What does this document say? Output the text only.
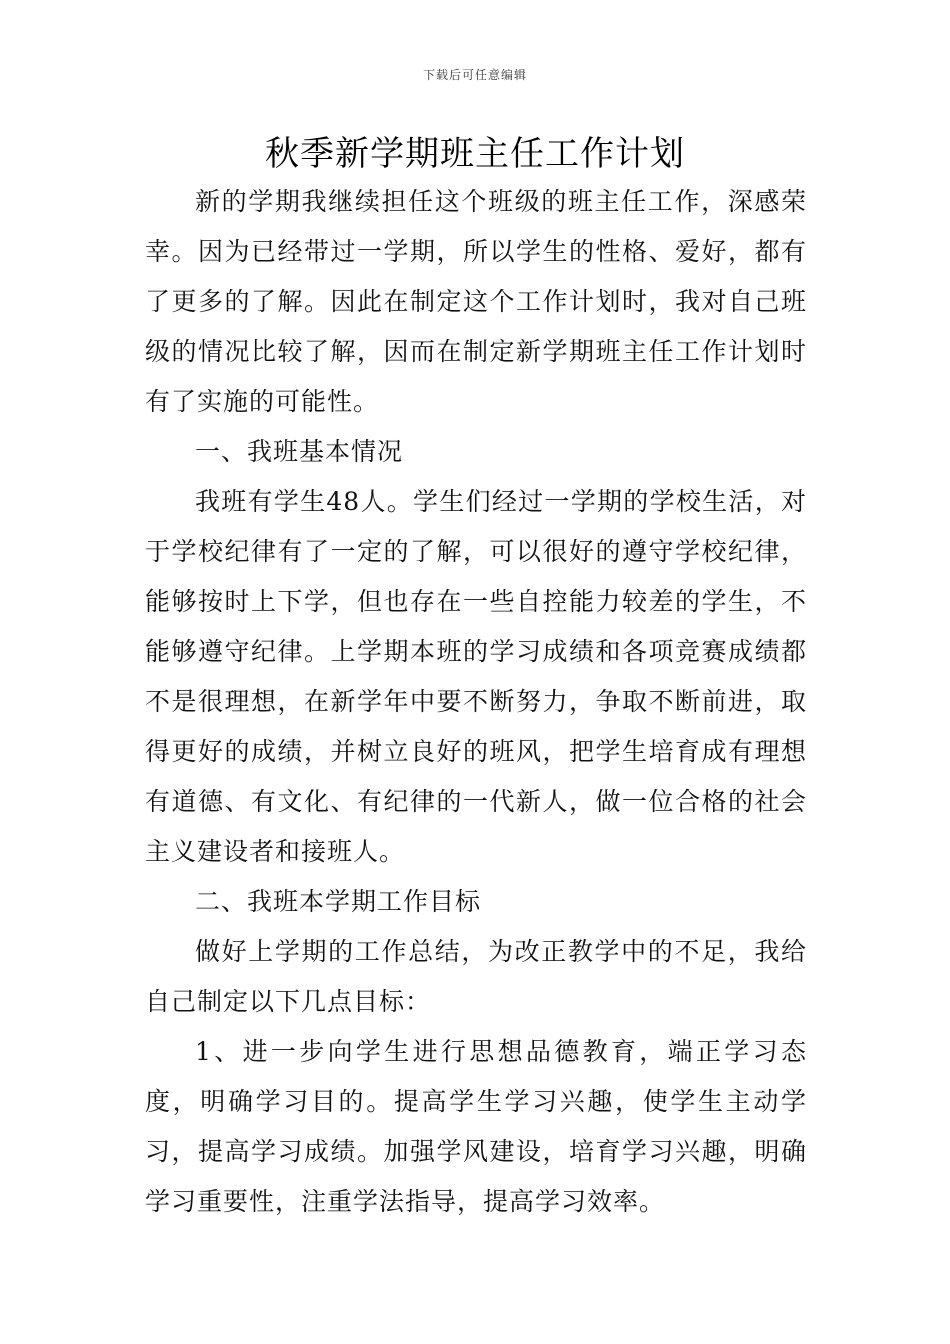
下载后可任意编辑
秋季新学期班主任工作计划

新的学期我继续担任这个班级的班主任工作，深感荣幸。因为已经带过一学期，所以学生的性格、爱好，都有了更多的了解。因此在制定这个工作计划时，我对自己班级的情况比较了解，因而在制定新学期班主任工作计划时有了实施的可能性。

一、我班基本情况

我班有学生48人。学生们经过一学期的学校生活，对于学校纪律有了一定的了解，可以很好的遵守学校纪律，能够按时上下学，但也存在一些自控能力较差的学生，不能够遵守纪律。上学期本班的学习成绩和各项竞赛成绩都不是很理想，在新学年中要不断努力，争取不断前进，取得更好的成绩，并树立良好的班风，把学生培育成有理想有道德、有文化、有纪律的一代新人，做一位合格的社会主义建设者和接班人。

二、我班本学期工作目标

做好上学期的工作总结，为改正教学中的不足，我给自己制定以下几点目标：

1、进一步向学生进行思想品德教育，端正学习态度，明确学习目的。提高学生学习兴趣，使学生主动学习，提高学习成绩。加强学风建设，培育学习兴趣，明确学习重要性，注重学法指导，提高学习效率。
